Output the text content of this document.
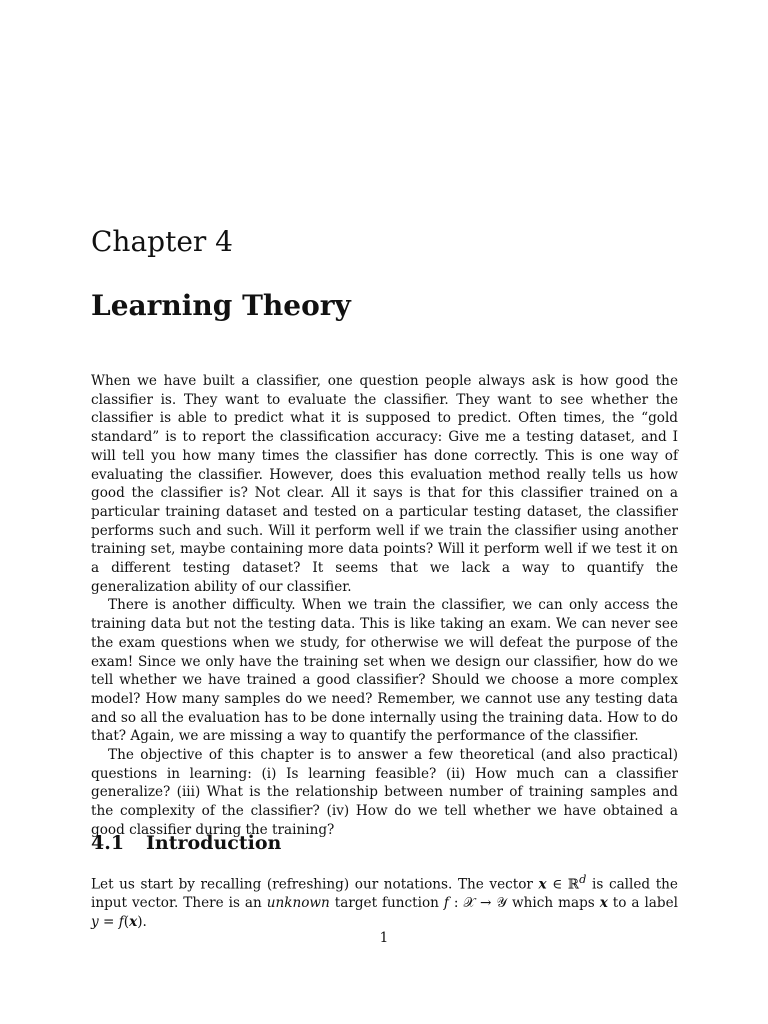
Chapter 4
Learning Theory

When we have built a classifier, one question people always ask is how good the classifier is. They want to evaluate the classifier. They want to see whether the classifier is able to predict what it is supposed to predict. Often times, the “gold standard” is to report the classification accuracy: Give me a testing dataset, and I will tell you how many times the classifier has done correctly. This is one way of evaluating the classifier. However, does this evaluation method really tells us how good the classifier is? Not clear. All it says is that for this classifier trained on a particular training dataset and tested on a particular testing dataset, the classifier performs such and such. Will it perform well if we train the classifier using another training set, maybe containing more data points? Will it perform well if we test it on a different testing dataset? It seems that we lack a way to quantify the generalization ability of our classifier.

There is another difficulty. When we train the classifier, we can only access the training data but not the testing data. This is like taking an exam. We can never see the exam questions when we study, for otherwise we will defeat the purpose of the exam! Since we only have the training set when we design our classifier, how do we tell whether we have trained a good classifier? Should we choose a more complex model? How many samples do we need? Remember, we cannot use any testing data and so all the evaluation has to be done internally using the training data. How to do that? Again, we are missing a way to quantify the performance of the classifier.

The objective of this chapter is to answer a few theoretical (and also practical) questions in learning: (i) Is learning feasible? (ii) How much can a classifier generalize? (iii) What is the relationship between number of training samples and the complexity of the classifier? (iv) How do we tell whether we have obtained a good classifier during the training?

4.1 Introduction

Let us start by recalling (refreshing) our notations. The vector x ∈ ℝ$^d$ is called the input vector. There is an unknown target function f : 𝒳 → 𝒴 which maps x to a label y = f(x).

1
